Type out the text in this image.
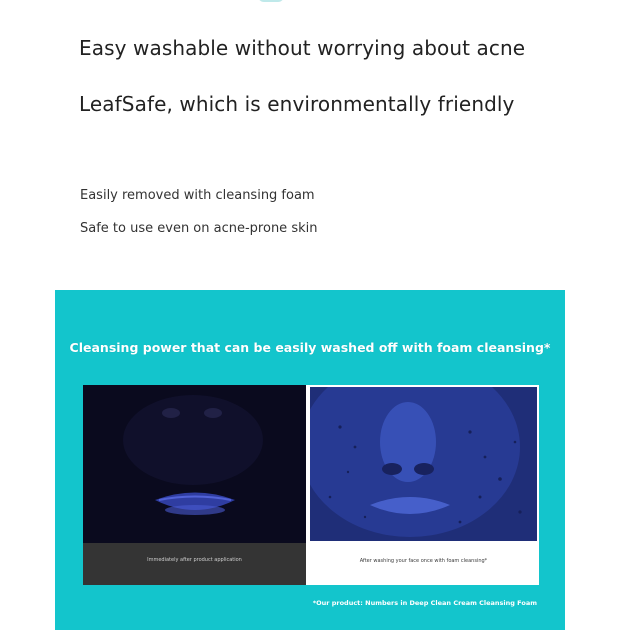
Easy washable without worrying about acne
LeafSafe, which is environmentally friendly
Easily removed with cleansing foam
Safe to use even on acne-prone skin
Cleansing power that can be easily washed off with foam cleansing*
Immediately after product application	After washing your face once with foam cleansing*
*Our product: Numbers in Deep Clean Cream Cleansing Foam
